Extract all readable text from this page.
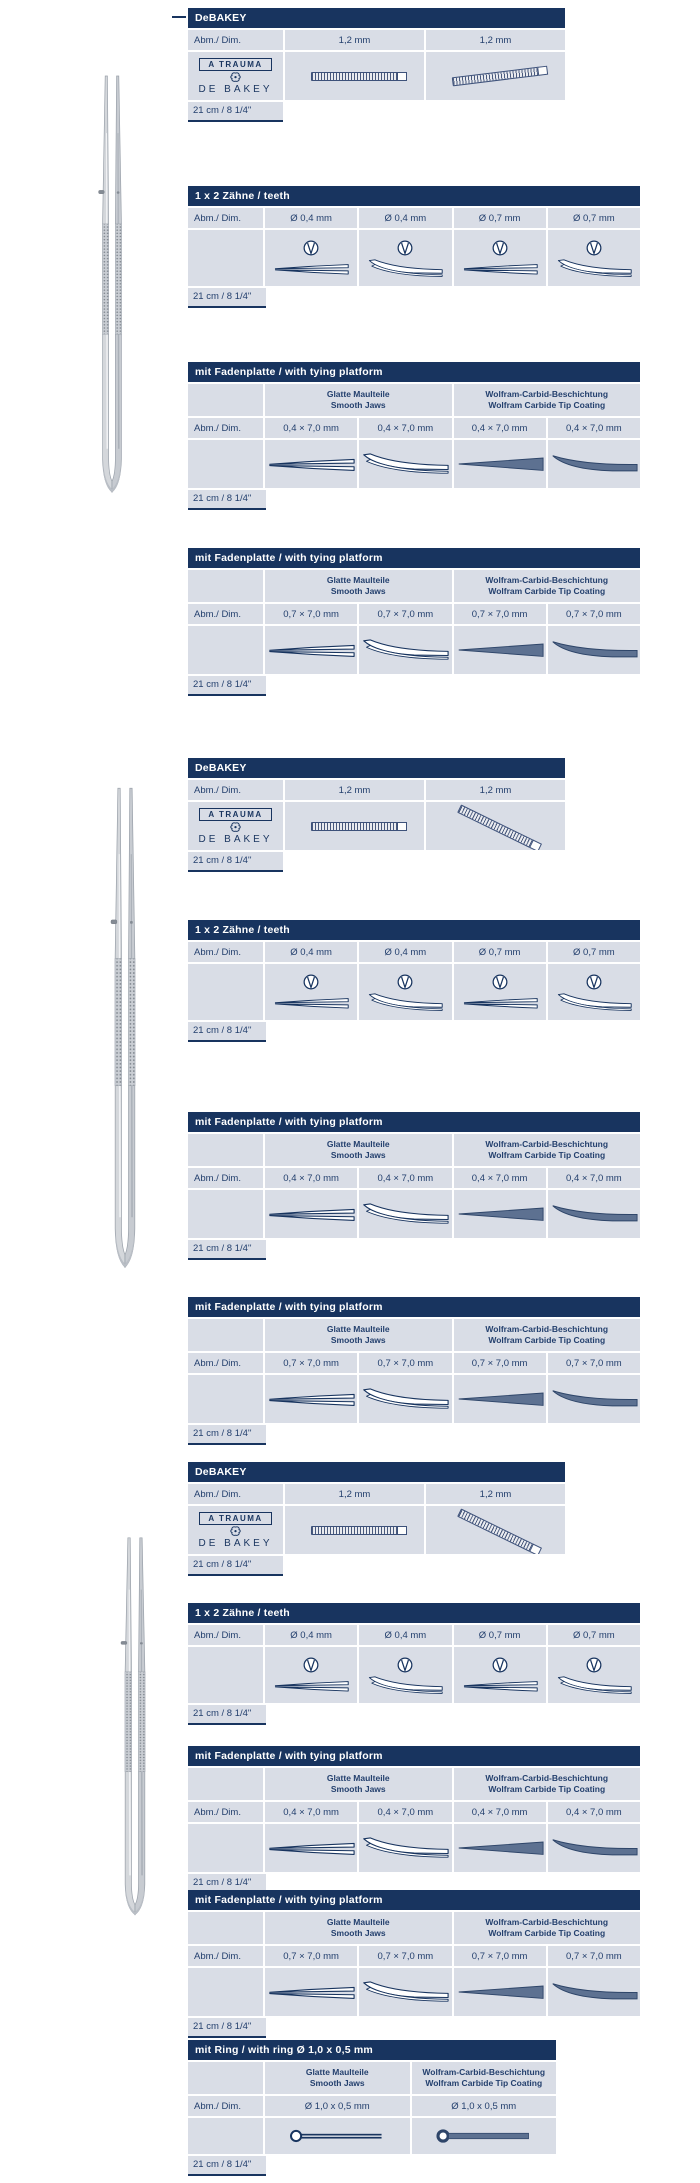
DeBAKEY
Abm./ Dim.	1,2 mm	1,2 mm
A TRAUMA
DE BAKEY
21 cm / 8 1/4"
1 x 2 Zähne / teeth
Abm./ Dim.	Ø 0,4 mm	Ø 0,4 mm	Ø 0,7 mm	Ø 0,7 mm
21 cm / 8 1/4"
mit Fadenplatte / with tying platform
Glatte Maulteile
Smooth Jaws
Wolfram-Carbid-Beschichtung
Wolfram Carbide Tip Coating
Abm./ Dim.	0,4 × 7,0 mm	0,4 × 7,0 mm	0,4 × 7,0 mm	0,4 × 7,0 mm
21 cm / 8 1/4"
mit Fadenplatte / with tying platform
Glatte Maulteile
Smooth Jaws
Wolfram-Carbid-Beschichtung
Wolfram Carbide Tip Coating
Abm./ Dim.	0,7 × 7,0 mm	0,7 × 7,0 mm	0,7 × 7,0 mm	0,7 × 7,0 mm
21 cm / 8 1/4"
DeBAKEY
Abm./ Dim.	1,2 mm	1,2 mm
A TRAUMA
DE BAKEY
21 cm / 8 1/4''
1 x 2 Zähne / teeth
Abm./ Dim.	Ø 0,4 mm	Ø 0,4 mm	Ø 0,7 mm	Ø 0,7 mm
21 cm / 8 1/4''
mit Fadenplatte / with tying platform
Glatte Maulteile
Smooth Jaws
Wolfram-Carbid-Beschichtung
Wolfram Carbide Tip Coating
Abm./ Dim.	0,4 × 7,0 mm	0,4 × 7,0 mm	0,4 × 7,0 mm	0,4 × 7,0 mm
21 cm / 8 1/4''
mit Fadenplatte / with tying platform
Glatte Maulteile
Smooth Jaws
Wolfram-Carbid-Beschichtung
Wolfram Carbide Tip Coating
Abm./ Dim.	0,7 × 7,0 mm	0,7 × 7,0 mm	0,7 × 7,0 mm	0,7 × 7,0 mm
21 cm / 8 1/4''
DeBAKEY
Abm./ Dim.	1,2 mm	1,2 mm
A TRAUMA
DE BAKEY
21 cm / 8 1/4"
1 x 2 Zähne / teeth
Abm./ Dim.	Ø 0,4 mm	Ø 0,4 mm	Ø 0,7 mm	Ø 0,7 mm
21 cm / 8 1/4"
mit Fadenplatte / with tying platform
Glatte Maulteile
Smooth Jaws
Wolfram-Carbid-Beschichtung
Wolfram Carbide Tip Coating
Abm./ Dim.	0,4 × 7,0 mm	0,4 × 7,0 mm	0,4 × 7,0 mm	0,4 × 7,0 mm
21 cm / 8 1/4"
mit Fadenplatte / with tying platform
Glatte Maulteile
Smooth Jaws
Wolfram-Carbid-Beschichtung
Wolfram Carbide Tip Coating
Abm./ Dim.	0,7 × 7,0 mm	0,7 × 7,0 mm	0,7 × 7,0 mm	0,7 × 7,0 mm
21 cm / 8 1/4"
mit Ring / with ring Ø 1,0 x 0,5 mm
Glatte Maulteile
Smooth Jaws
Wolfram-Carbid-Beschichtung
Wolfram Carbide Tip Coating
Abm./ Dim.	Ø 1,0 x 0,5 mm	Ø 1,0 x 0,5 mm
21 cm / 8 1/4"
